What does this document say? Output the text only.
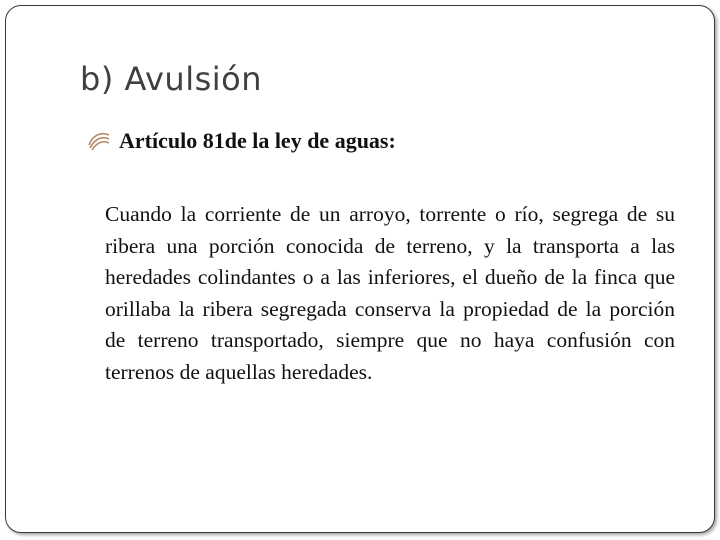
b) Avulsión
Artículo 81de la ley de aguas:

Cuando la corriente de un arroyo, torrente o río, segrega de su ribera una porción conocida de terreno, y la transporta a las heredades colindantes o a las inferiores, el dueño de la finca que orillaba la ribera segregada conserva la propiedad de la porción de terreno transportado, siempre que no haya confusión con terrenos de aquellas heredades.
